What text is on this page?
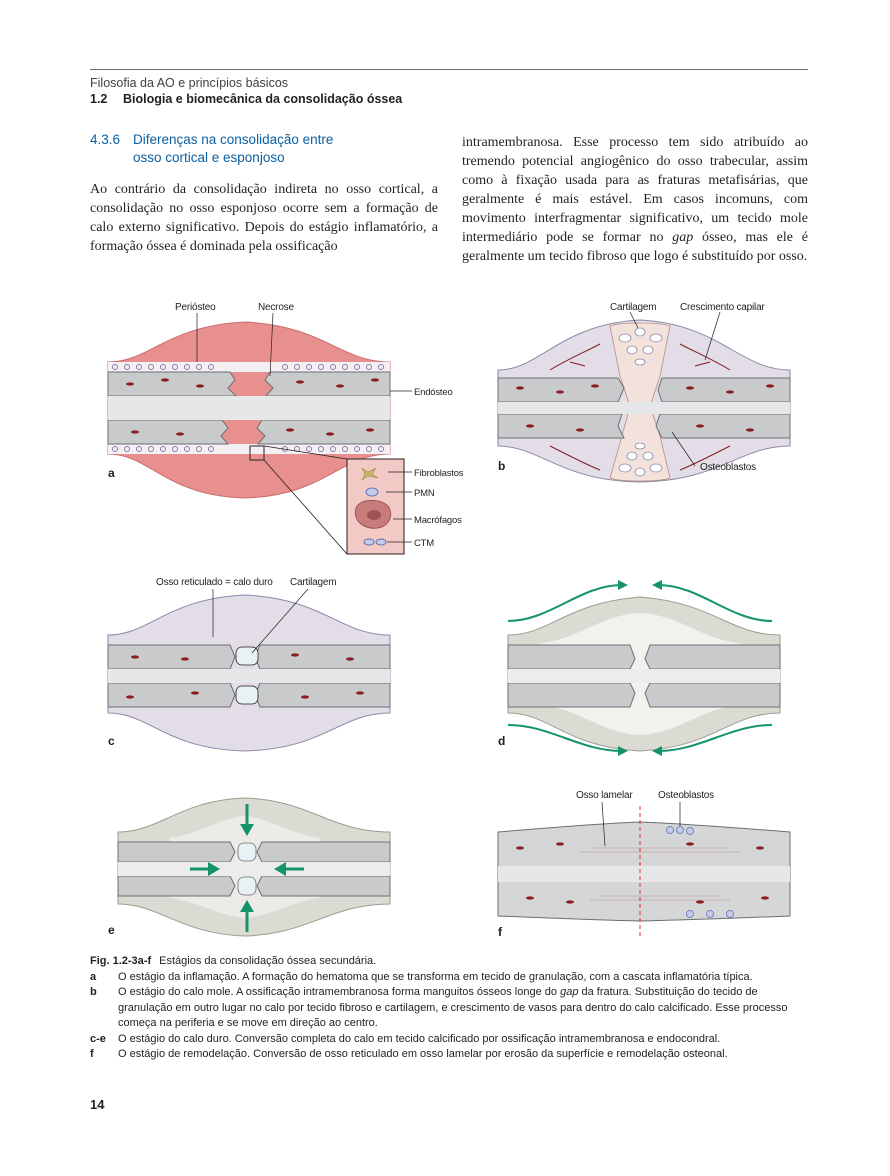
Filosofia da AO e princípios básicos
1.2 Biologia e biomecânica da consolidação óssea
4.3.6 Diferenças na consolidação entre
osso cortical e esponjoso
Ao contrário da consolidação indireta no osso cortical, a consolidação no osso esponjoso ocorre sem a formação de calo externo significativo. Depois do estágio inflamatório, a formação óssea é dominada pela ossificação
intramembranosa. Esse processo tem sido atribuído ao tremendo potencial angiogênico do osso trabecular, assim como à fixação usada para as fraturas metafisárias, que geralmente é mais estável. Em casos incomuns, com movimento interfragmentar significativo, um tecido mole intermediário pode se formar no gap ósseo, mas ele é geralmente um tecido fibroso que logo é substituído por osso.
Periósteo	Necrose
Endósteo
Fibroblastos
PMN
Macrófagos
CTM
a
Cartilagem Crescimento capilar
Osteoblastos
b
Osso reticulado = calo duro Cartilagem
c	d
e
Osso lamelar	Osteoblastos
f
Fig. 1.2-3a-f Estágios da consolidação óssea secundária.
a	O estágio da inflamação. A formação do hematoma que se transforma em tecido de granulação, com a cascata inflamatória típica.
b	O estágio do calo mole. A ossificação intramembranosa forma manguitos ósseos longe do gap da fratura. Substituição do tecido de granulação em outro lugar no calo por tecido fibroso e cartilagem, e crescimento de vasos para dentro do calo calcificado. Esse processo começa na periferia e se move em direção ao centro.
c-e	O estágio do calo duro. Conversão completa do calo em tecido calcificado por ossificação intramembranosa e endocondral.
f	O estágio de remodelação. Conversão de osso reticulado em osso lamelar por erosão da superfície e remodelação osteonal.
14
